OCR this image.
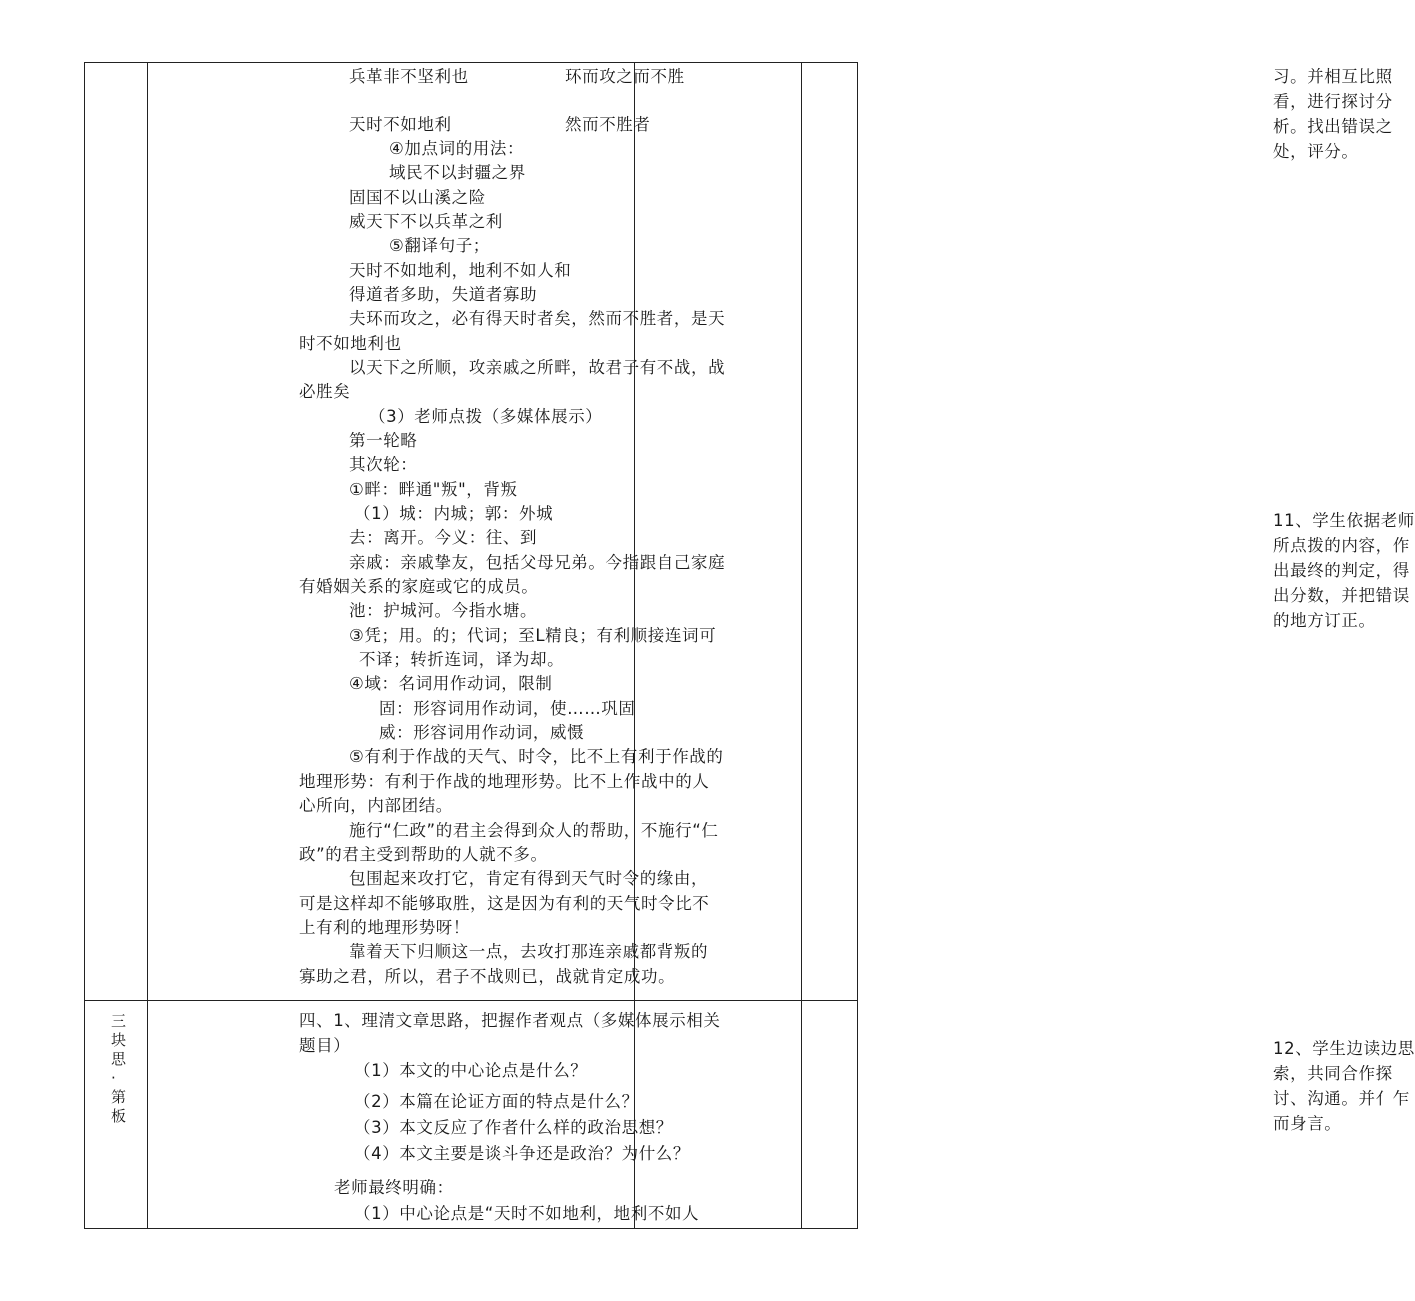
兵革非不坚利也	环而攻之而不胜
天时不如地利	然而不胜者
④加点词的用法：
域民不以封疆之界
固国不以山溪之险
威天下不以兵革之利
⑤翻译句子；
天时不如地利，地利不如人和
得道者多助，失道者寡助
夫环而攻之，必有得天时者矣，然而不胜者，是天
时不如地利也
以天下之所顺，攻亲戚之所畔，故君子有不战，战
必胜矣
（3）老师点拨（多媒体展示）
第一轮略
其次轮：
①畔：畔通"叛"，背叛
（1）城：内城；郭：外城
去：离开。今义：往、到
亲戚：亲戚挚友，包括父母兄弟。今指跟自己家庭
有婚姻关系的家庭或它的成员。
池：护城河。今指水塘。
③凭；用。的；代词；至L精良；有利顺接连词可
不译；转折连词，译为却。
④域：名词用作动词，限制
固：形容词用作动词，使……巩固
威：形容词用作动词，威慑
⑤有利于作战的天气、时令，比不上有利于作战的
地理形势：有利于作战的地理形势。比不上作战中的人
心所向，内部团结。
施行“仁政”的君主会得到众人的帮助，不施行“仁
政”的君主受到帮助的人就不多。
包围起来攻打它，肯定有得到天气时令的缘由，
可是这样却不能够取胜，这是因为有利的天气时令比不
上有利的地理形势呀！
靠着天下归顺这一点，去攻打那连亲戚都背叛的
寡助之君，所以，君子不战则已，战就肯定成功。
习。并相互比照
看，进行探讨分
析。找出错误之
处，评分。
11、学生依据老师
所点拨的内容，作
出最终的判定，得
出分数，并把错误
的地方订正。
三块思·第板
四、1、理清文章思路，把握作者观点（多媒体展示相关
题目）
（1）本文的中心论点是什么？
（2）本篇在论证方面的特点是什么？
（3）本文反应了作者什么样的政治思想？
（4）本文主要是谈斗争还是政治？为什么？
老师最终明确：
（1）中心论点是“天时不如地利，地利不如人
12、学生边读边思
索，共同合作探
讨、沟通。并亻乍
而身言。
